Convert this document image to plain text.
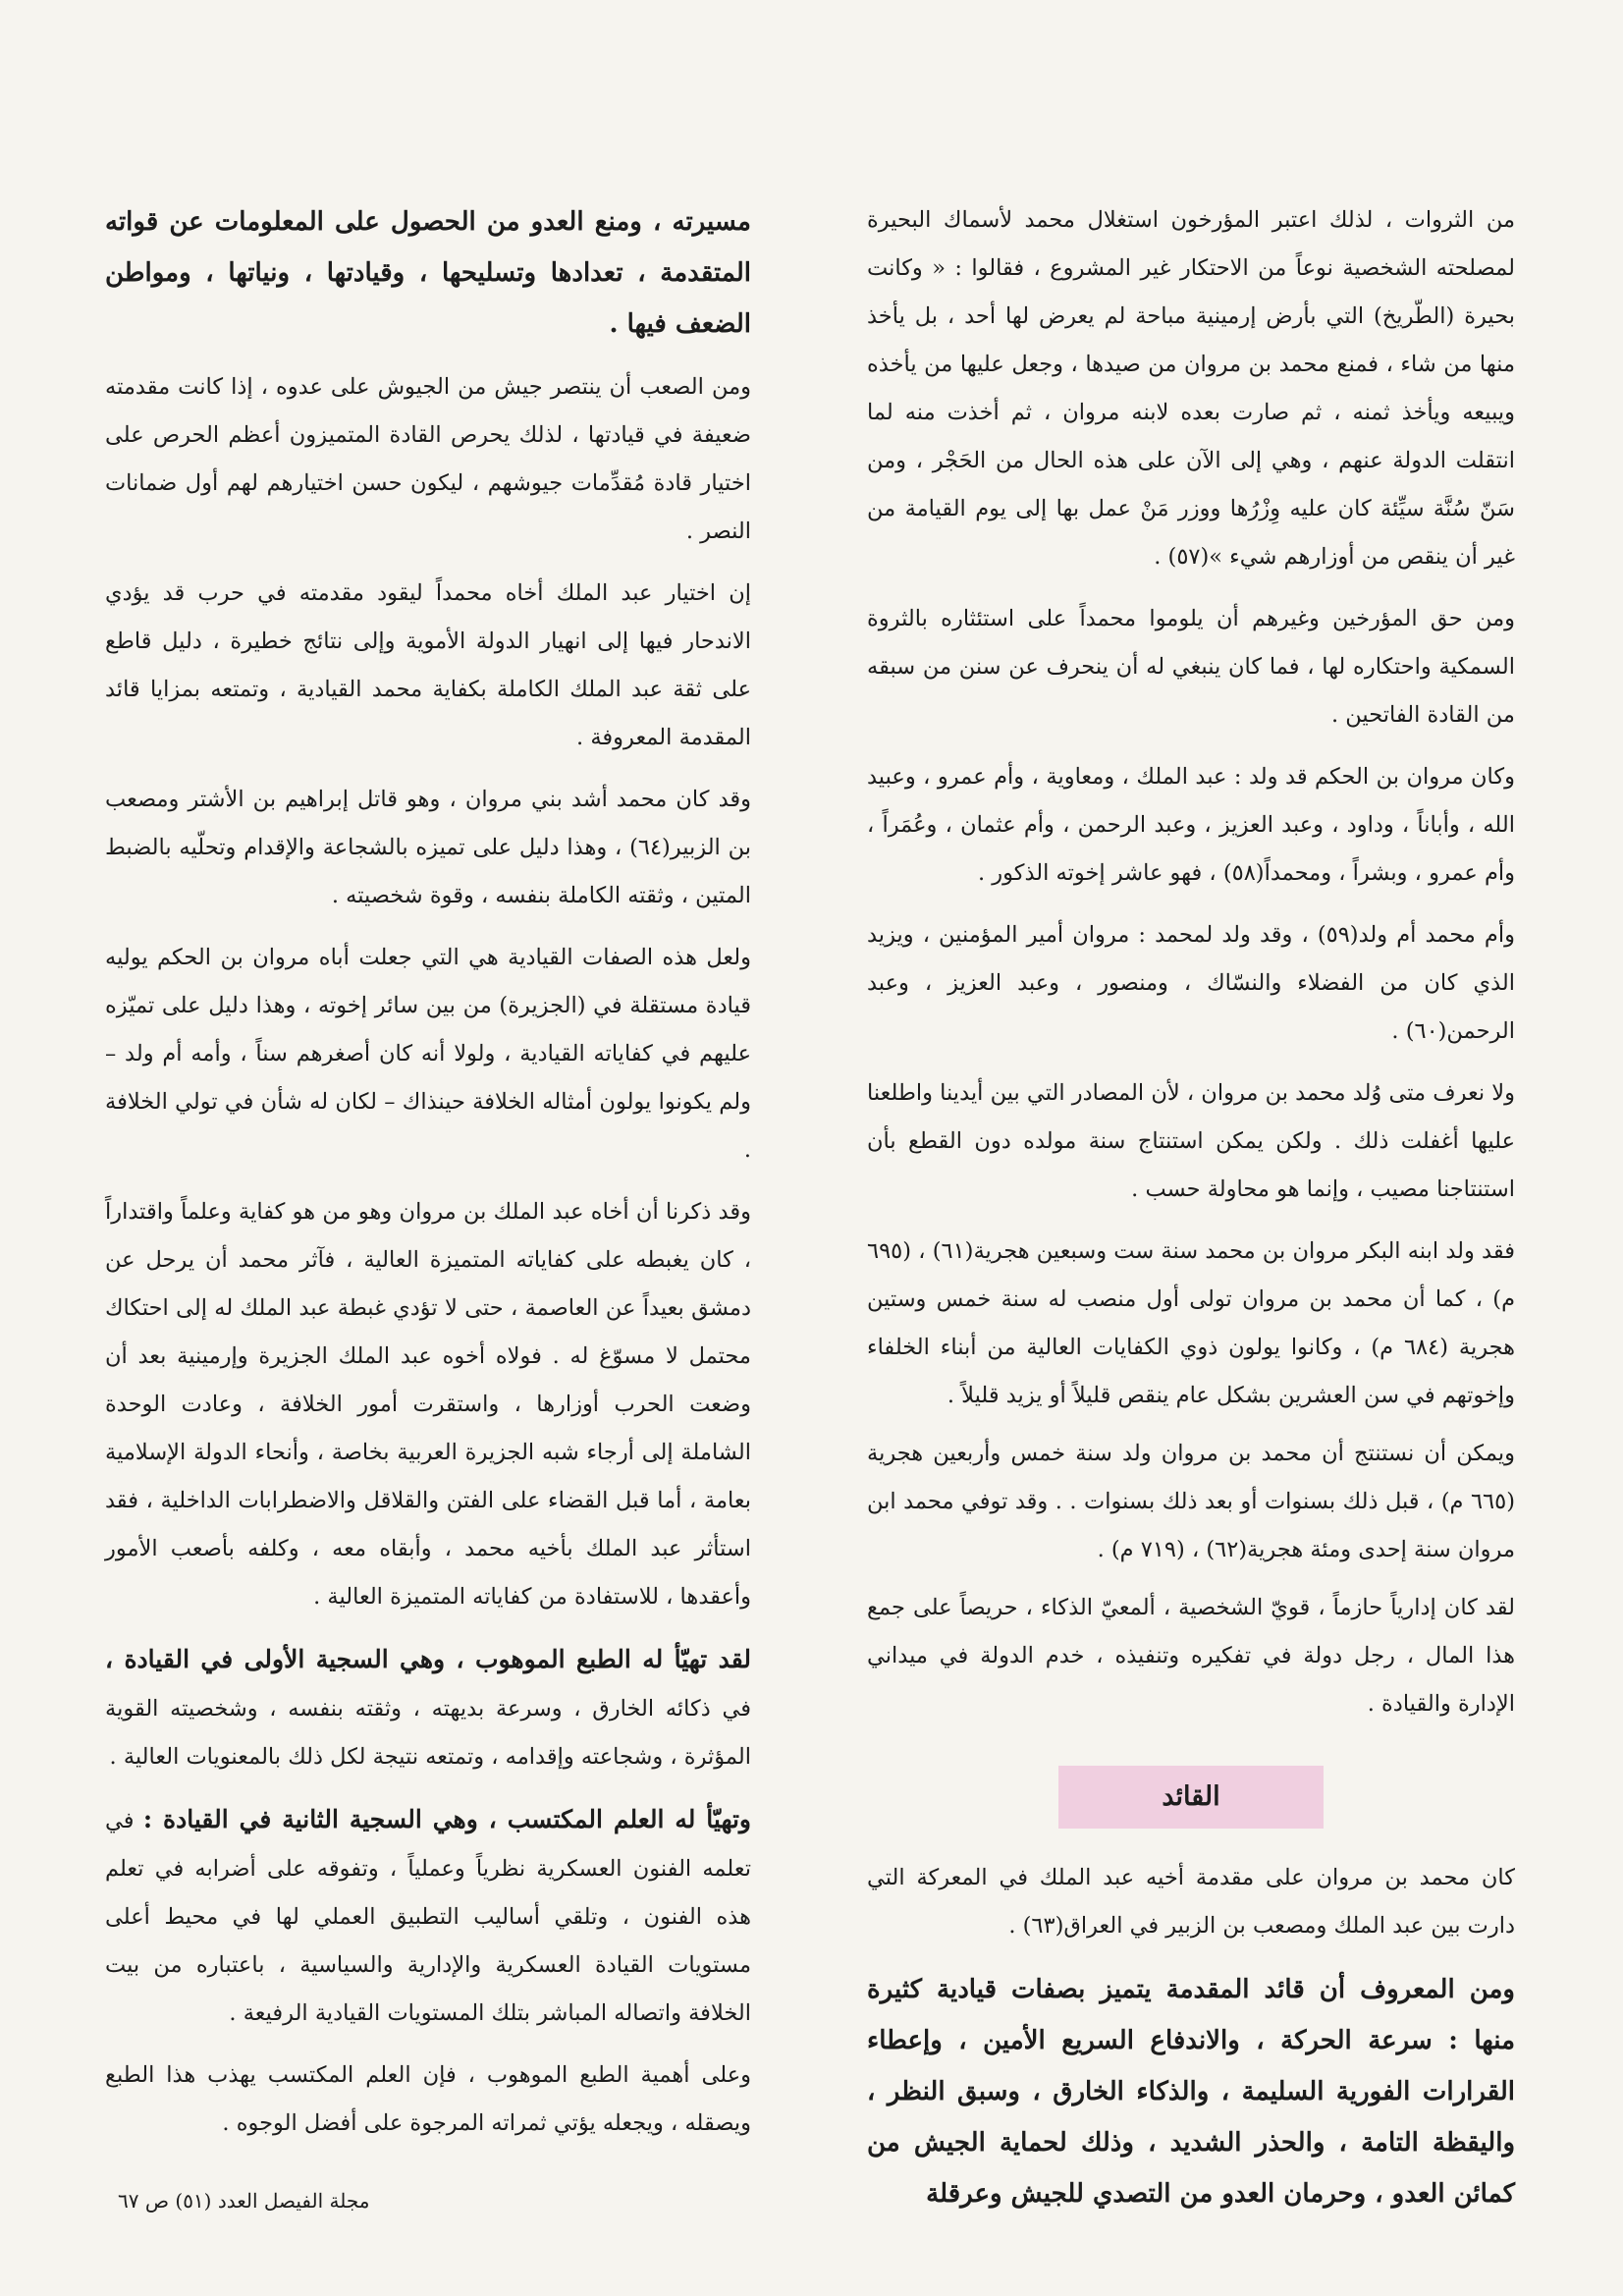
من الثروات ، لذلك اعتبر المؤرخون استغلال محمد لأسماك البحيرة لمصلحته الشخصية نوعاً من الاحتكار غير المشروع ، فقالوا : « وكانت بحيرة (الطّريخ) التي بأرض إرمينية مباحة لم يعرض لها أحد ، بل يأخذ منها من شاء ، فمنع محمد بن مروان من صيدها ، وجعل عليها من يأخذه ويبيعه ويأخذ ثمنه ، ثم صارت بعده لابنه مروان ، ثم أخذت منه لما انتقلت الدولة عنهم ، وهي إلى الآن على هذه الحال من الحَجْر ، ومن سَنّ سُنَّة سيِّئة كان عليه وِزْرُها ووزر مَنْ عمل بها إلى يوم القيامة من غير أن ينقص من أوزارهم شيء »(٥٧) .

ومن حق المؤرخين وغيرهم أن يلوموا محمداً على استئثاره بالثروة السمكية واحتكاره لها ، فما كان ينبغي له أن ينحرف عن سنن من سبقه من القادة الفاتحين .

وكان مروان بن الحكم قد ولد : عبد الملك ، ومعاوية ، وأم عمرو ، وعبيد الله ، وأباناً ، وداود ، وعبد العزيز ، وعبد الرحمن ، وأم عثمان ، وعُمَراً ، وأم عمرو ، وبشراً ، ومحمداً(٥٨) ، فهو عاشر إخوته الذكور .

وأم محمد أم ولد(٥٩) ، وقد ولد لمحمد : مروان أمير المؤمنين ، ويزيد الذي كان من الفضلاء والنسّاك ، ومنصور ، وعبد العزيز ، وعبد الرحمن(٦٠) .

ولا نعرف متى وُلد محمد بن مروان ، لأن المصادر التي بين أيدينا واطلعنا عليها أغفلت ذلك . ولكن يمكن استنتاج سنة مولده دون القطع بأن استنتاجنا مصيب ، وإنما هو محاولة حسب .

فقد ولد ابنه البكر مروان بن محمد سنة ست وسبعين هجرية(٦١) ، (٦٩٥ م) ، كما أن محمد بن مروان تولى أول منصب له سنة خمس وستين هجرية (٦٨٤ م) ، وكانوا يولون ذوي الكفايات العالية من أبناء الخلفاء وإخوتهم في سن العشرين بشكل عام ينقص قليلاً أو يزيد قليلاً .

ويمكن أن نستنتج أن محمد بن مروان ولد سنة خمس وأربعين هجرية (٦٦٥ م) ، قبل ذلك بسنوات أو بعد ذلك بسنوات . . وقد توفي محمد ابن مروان سنة إحدى ومئة هجرية(٦٢) ، (٧١٩ م) .

لقد كان إدارياً حازماً ، قويّ الشخصية ، ألمعيّ الذكاء ، حريصاً على جمع هذا المال ، رجل دولة في تفكيره وتنفيذه ، خدم الدولة في ميداني الإدارة والقيادة .

القائد

كان محمد بن مروان على مقدمة أخيه عبد الملك في المعركة التي دارت بين عبد الملك ومصعب بن الزبير في العراق(٦٣) .

ومن المعروف أن قائد المقدمة يتميز بصفات قيادية كثيرة منها : سرعة الحركة ، والاندفاع السريع الأمين ، وإعطاء القرارات الفورية السليمة ، والذكاء الخارق ، وسبق النظر ، واليقظة التامة ، والحذر الشديد ، وذلك لحماية الجيش من كمائن العدو ، وحرمان العدو من التصدي للجيش وعرقلة

مسيرته ، ومنع العدو من الحصول على المعلومات عن قواته المتقدمة ، تعدادها وتسليحها ، وقيادتها ، ونياتها ، ومواطن الضعف فيها .

ومن الصعب أن ينتصر جيش من الجيوش على عدوه ، إذا كانت مقدمته ضعيفة في قيادتها ، لذلك يحرص القادة المتميزون أعظم الحرص على اختيار قادة مُقدِّمات جيوشهم ، ليكون حسن اختيارهم لهم أول ضمانات النصر .

إن اختيار عبد الملك أخاه محمداً ليقود مقدمته في حرب قد يؤدي الاندحار فيها إلى انهيار الدولة الأموية وإلى نتائج خطيرة ، دليل قاطع على ثقة عبد الملك الكاملة بكفاية محمد القيادية ، وتمتعه بمزايا قائد المقدمة المعروفة .

وقد كان محمد أشد بني مروان ، وهو قاتل إبراهيم بن الأشتر ومصعب بن الزبير(٦٤) ، وهذا دليل على تميزه بالشجاعة والإقدام وتحلّيه بالضبط المتين ، وثقته الكاملة بنفسه ، وقوة شخصيته .

ولعل هذه الصفات القيادية هي التي جعلت أباه مروان بن الحكم يوليه قيادة مستقلة في (الجزيرة) من بين سائر إخوته ، وهذا دليل على تميّزه عليهم في كفاياته القيادية ، ولولا أنه كان أصغرهم سناً ، وأمه أم ولد – ولم يكونوا يولون أمثاله الخلافة حينذاك – لكان له شأن في تولي الخلافة .

وقد ذكرنا أن أخاه عبد الملك بن مروان وهو من هو كفاية وعلماً واقتداراً ، كان يغبطه على كفاياته المتميزة العالية ، فآثر محمد أن يرحل عن دمشق بعيداً عن العاصمة ، حتى لا تؤدي غبطة عبد الملك له إلى احتكاك محتمل لا مسوّغ له . فولاه أخوه عبد الملك الجزيرة وإرمينية بعد أن وضعت الحرب أوزارها ، واستقرت أمور الخلافة ، وعادت الوحدة الشاملة إلى أرجاء شبه الجزيرة العربية بخاصة ، وأنحاء الدولة الإسلامية بعامة ، أما قبل القضاء على الفتن والقلاقل والاضطرابات الداخلية ، فقد استأثر عبد الملك بأخيه محمد ، وأبقاه معه ، وكلفه بأصعب الأمور وأعقدها ، للاستفادة من كفاياته المتميزة العالية .

لقد تهيّأ له الطبع الموهوب ، وهي السجية الأولى في القيادة ، في ذكائه الخارق ، وسرعة بديهته ، وثقته بنفسه ، وشخصيته القوية المؤثرة ، وشجاعته وإقدامه ، وتمتعه نتيجة لكل ذلك بالمعنويات العالية .

وتهيّأ له العلم المكتسب ، وهي السجية الثانية في القيادة : في تعلمه الفنون العسكرية نظرياً وعملياً ، وتفوقه على أضرابه في تعلم هذه الفنون ، وتلقي أساليب التطبيق العملي لها في محيط أعلى مستويات القيادة العسكرية والإدارية والسياسية ، باعتباره من بيت الخلافة واتصاله المباشر بتلك المستويات القيادية الرفيعة .

وعلى أهمية الطبع الموهوب ، فإن العلم المكتسب يهذب هذا الطبع ويصقله ، ويجعله يؤتي ثمراته المرجوة على أفضل الوجوه .

مجلة الفيصل العدد (٥١) ص ٦٧
